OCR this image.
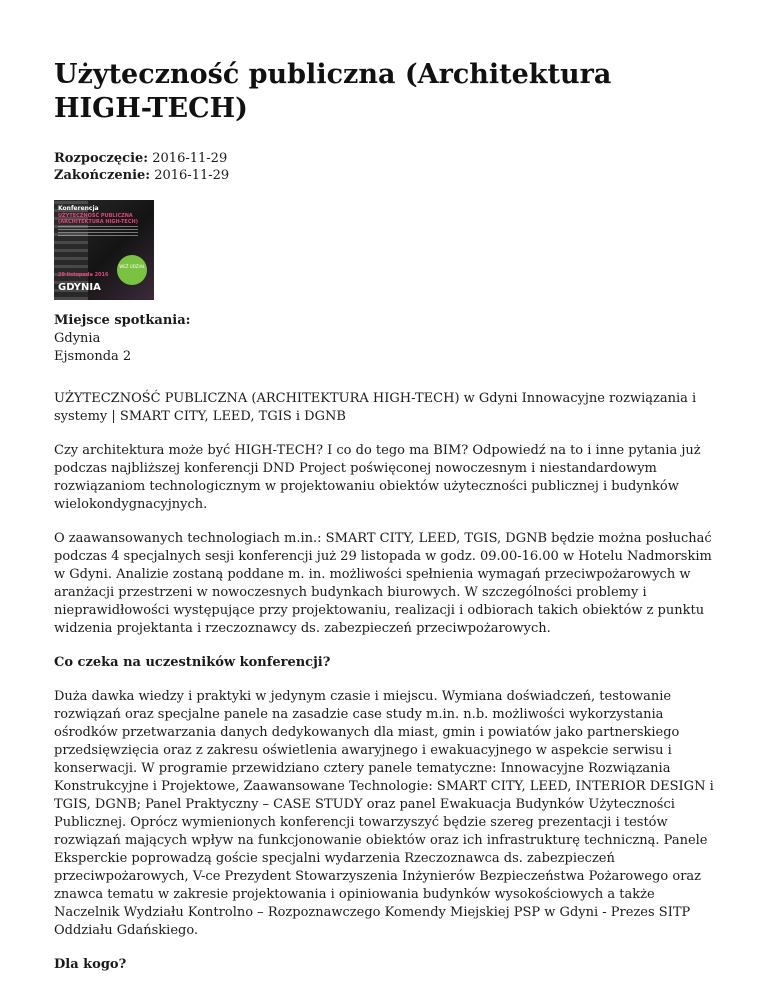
Użyteczność publiczna (Architektura HIGH-TECH)

Rozpoczęcie: 2016-11-29

Zakończenie: 2016-11-29

Konferencja
UŻYTECZNOŚĆ PUBLICZNA (ARCHITEKTURA HIGH-TECH)
WEŹ UDZIAŁ
29 listopada 2016
GDYNIA
Miejsce spotkania:
Gdynia
Ejsmonda 2

UŻYTECZNOŚĆ PUBLICZNA (ARCHITEKTURA HIGH-TECH) w Gdyni Innowacyjne rozwiązania i systemy | SMART CITY, LEED, TGIS i DGNB

Czy architektura może być HIGH-TECH? I co do tego ma BIM? Odpowiedź na to i inne pytania już podczas najbliższej konferencji DND Project poświęconej nowoczesnym i niestandardowym rozwiązaniom technologicznym w projektowaniu obiektów użyteczności publicznej i budynków wielokondygnacyjnych.

O zaawansowanych technologiach m.in.: SMART CITY, LEED, TGIS, DGNB będzie można posłuchać podczas 4 specjalnych sesji konferencji już 29 listopada w godz. 09.00-16.00 w Hotelu Nadmorskim w Gdyni. Analizie zostaną poddane m. in. możliwości spełnienia wymagań przeciwpożarowych w aranżacji przestrzeni w nowoczesnych budynkach biurowych. W szczególności problemy i nieprawidłowości występujące przy projektowaniu, realizacji i odbiorach takich obiektów z punktu widzenia projektanta i rzeczoznawcy ds. zabezpieczeń przeciwpożarowych.

Co czeka na uczestników konferencji?

Duża dawka wiedzy i praktyki w jedynym czasie i miejscu. Wymiana doświadczeń, testowanie rozwiązań oraz specjalne panele na zasadzie case study m.in. n.b. możliwości wykorzystania ośrodków przetwarzania danych dedykowanych dla miast, gmin i powiatów jako partnerskiego przedsięwzięcia oraz z zakresu oświetlenia awaryjnego i ewakuacyjnego w aspekcie serwisu i konserwacji. W programie przewidziano cztery panele tematyczne: Innowacyjne Rozwiązania Konstrukcyjne i Projektowe, Zaawansowane Technologie: SMART CITY, LEED, INTERIOR DESIGN i TGIS, DGNB; Panel Praktyczny – CASE STUDY oraz panel Ewakuacja Budynków Użyteczności Publicznej. Oprócz wymienionych konferencji towarzyszyć będzie szereg prezentacji i testów rozwiązań mających wpływ na funkcjonowanie obiektów oraz ich infrastrukturę techniczną. Panele Eksperckie poprowadzą goście specjalni wydarzenia Rzeczoznawca ds. zabezpieczeń przeciwpożarowych, V-ce Prezydent Stowarzyszenia Inżynierów Bezpieczeństwa Pożarowego oraz znawca tematu w zakresie projektowania i opiniowania budynków wysokościowych a także Naczelnik Wydziału Kontrolno – Rozpoznawczego Komendy Miejskiej PSP w Gdyni - Prezes SITP Oddziału Gdańskiego.

Dla kogo?
